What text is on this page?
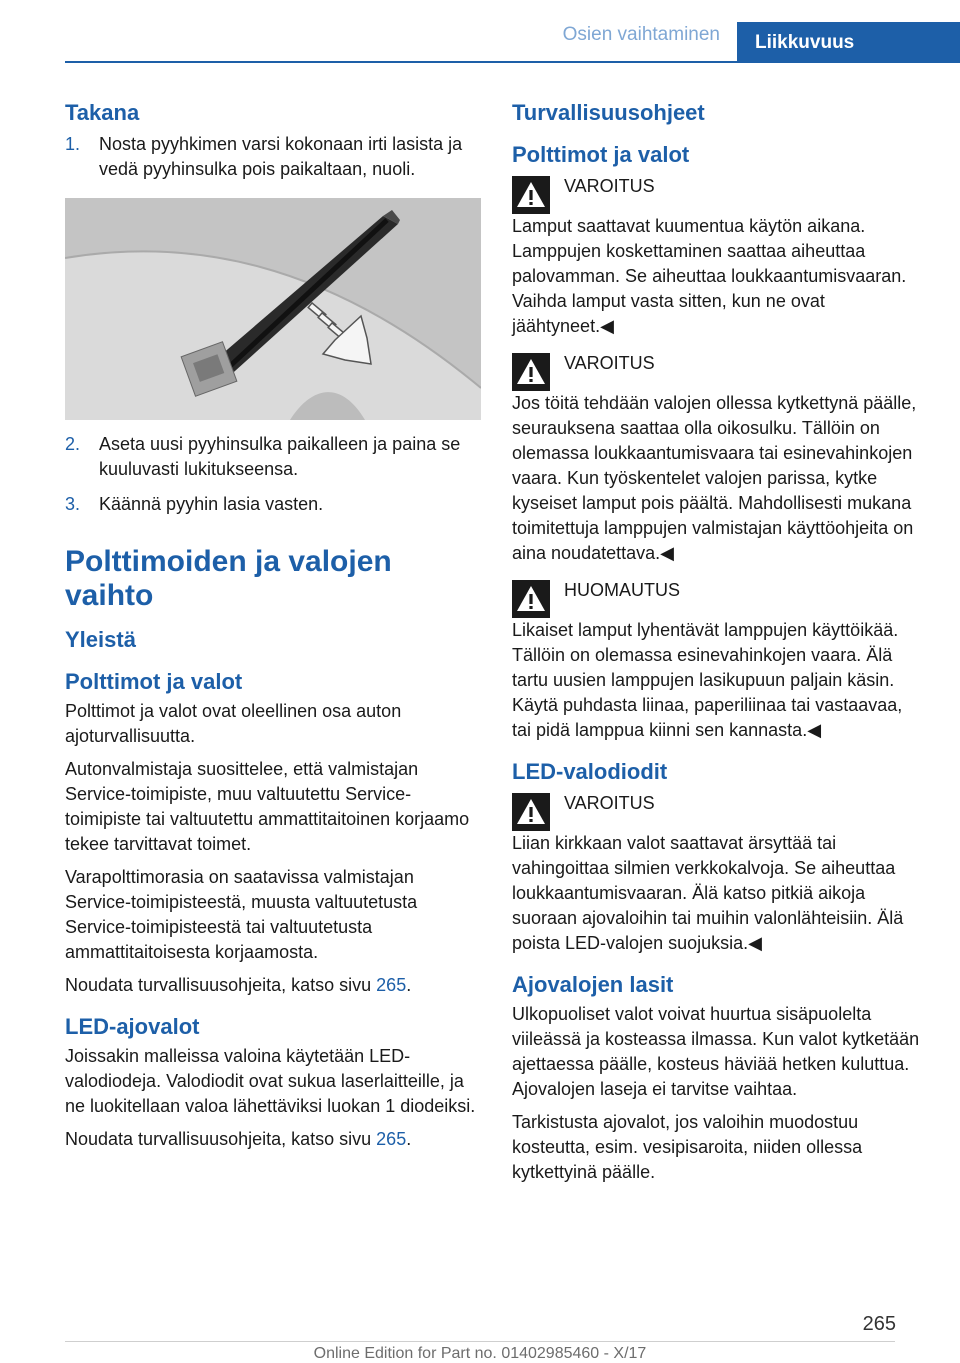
Osien vaihtaminen	Liikkuvuus
Takana
1.	Nosta pyyhkimen varsi kokonaan irti lasista ja vedä pyyhinsulka pois paikaltaan, nuoli.
2.	Aseta uusi pyyhinsulka paikalleen ja paina se kuuluvasti lukitukseensa.
3.	Käännä pyyhin lasia vasten.
Polttimoiden ja valojen vaihto
Yleistä
Polttimot ja valot

Polttimot ja valot ovat oleellinen osa auton ajoturvallisuutta.

Autonvalmistaja suosittelee, että valmistajan Service-toimipiste, muu valtuutettu Service-toimipiste tai valtuutettu ammattitaitoinen korjaamo tekee tarvittavat toimet.

Varapolttimorasia on saatavissa valmistajan Service-toimipisteestä, muusta valtuutetusta Service-toimipisteestä tai valtuutetusta ammattitaitoisesta korjaamosta.

Noudata turvallisuusohjeita, katso sivu 265.

LED-ajovalot

Joissakin malleissa valoina käytetään LED-valodiodeja. Valodiodit ovat sukua laserlaitteille, ja ne luokitellaan valoa lähettäviksi luokan 1 diodeiksi.

Noudata turvallisuusohjeita, katso sivu 265.

Turvallisuusohjeet
Polttimot ja valot
VAROITUS
Lamput saattavat kuumentua käytön aikana. Lamppujen koskettaminen saattaa aiheuttaa palovamman. Se aiheuttaa loukkaantumisvaaran. Vaihda lamput vasta sitten, kun ne ovat jäähtyneet.◀
VAROITUS
Jos töitä tehdään valojen ollessa kytkettynä päälle, seurauksena saattaa olla oikosulku. Tällöin on olemassa loukkaantumisvaara tai esinevahinkojen vaara. Kun työskentelet valojen parissa, kytke kyseiset lamput pois päältä. Mahdollisesti mukana toimitettuja lamppujen valmistajan käyttöohjeita on aina noudatettava.◀
HUOMAUTUS
Likaiset lamput lyhentävät lamppujen käyttöikää. Tällöin on olemassa esinevahinkojen vaara. Älä tartu uusien lamppujen lasikupuun paljain käsin. Käytä puhdasta liinaa, paperiliinaa tai vastaavaa, tai pidä lamppua kiinni sen kannasta.◀
LED-valodiodit
VAROITUS
Liian kirkkaan valot saattavat ärsyttää tai vahingoittaa silmien verkkokalvoja. Se aiheuttaa loukkaantumisvaaran. Älä katso pitkiä aikoja suoraan ajovaloihin tai muihin valonlähteisiin. Älä poista LED-valojen suojuksia.◀
Ajovalojen lasit

Ulkopuoliset valot voivat huurtua sisäpuolelta viileässä ja kosteassa ilmassa. Kun valot kytketään ajettaessa päälle, kosteus häviää hetken kuluttua. Ajovalojen laseja ei tarvitse vaihtaa.

Tarkistusta ajovalot, jos valoihin muodostuu kosteutta, esim. vesipisaroita, niiden ollessa kytkettyinä päälle.

265
Online Edition for Part no. 01402985460 - X/17
